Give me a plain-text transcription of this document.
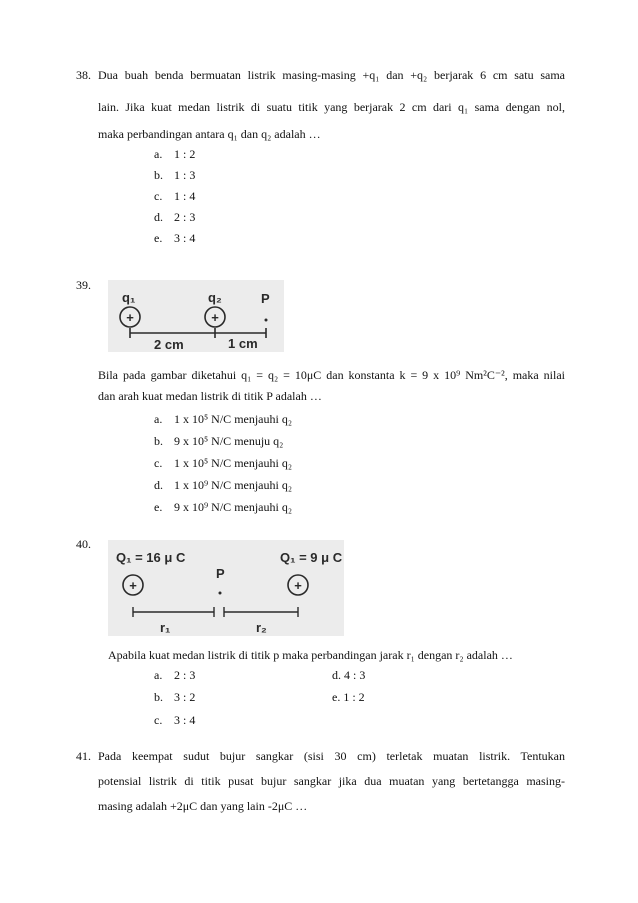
38. Dua buah benda bermuatan listrik masing-masing +q₁ dan +q₂ berjarak 6 cm satu sama
lain. Jika kuat medan listrik di suatu titik yang berjarak 2 cm dari q₁ sama dengan nol,
maka perbandingan antara q₁ dan q₂ adalah …
a. 1 : 2
b. 1 : 3
c. 1 : 4
d. 2 : 3
e. 3 : 4
39.
q₁	q₂	P
+	+
2 cm	1 cm
Bila pada gambar diketahui q₁ = q₂ = 10μC dan konstanta k = 9 x 10⁹ Nm²C⁻², maka nilai
dan arah kuat medan listrik di titik P adalah …
a. 1 x 10⁵ N/C menjauhi q₂
b. 9 x 10⁵ N/C menuju q₂
c. 1 x 10⁵ N/C menjauhi q₂
d. 1 x 10⁹ N/C menjauhi q₂
e. 9 x 10⁹ N/C menjauhi q₂
40.
Q₁ = 16 μ C	Q₁ = 9 μ C
P
+	+
r₁	r₂
Apabila kuat medan listrik di titik p maka perbandingan jarak r₁ dengan r₂ adalah …
a. 2 : 3
b. 3 : 2
c. 3 : 4
d. 4 : 3
e. 1 : 2
41. Pada keempat sudut bujur sangkar (sisi 30 cm) terletak muatan listrik. Tentukan
potensial listrik di titik pusat bujur sangkar jika dua muatan yang bertetangga masing-
masing adalah +2μC dan yang lain -2μC …
